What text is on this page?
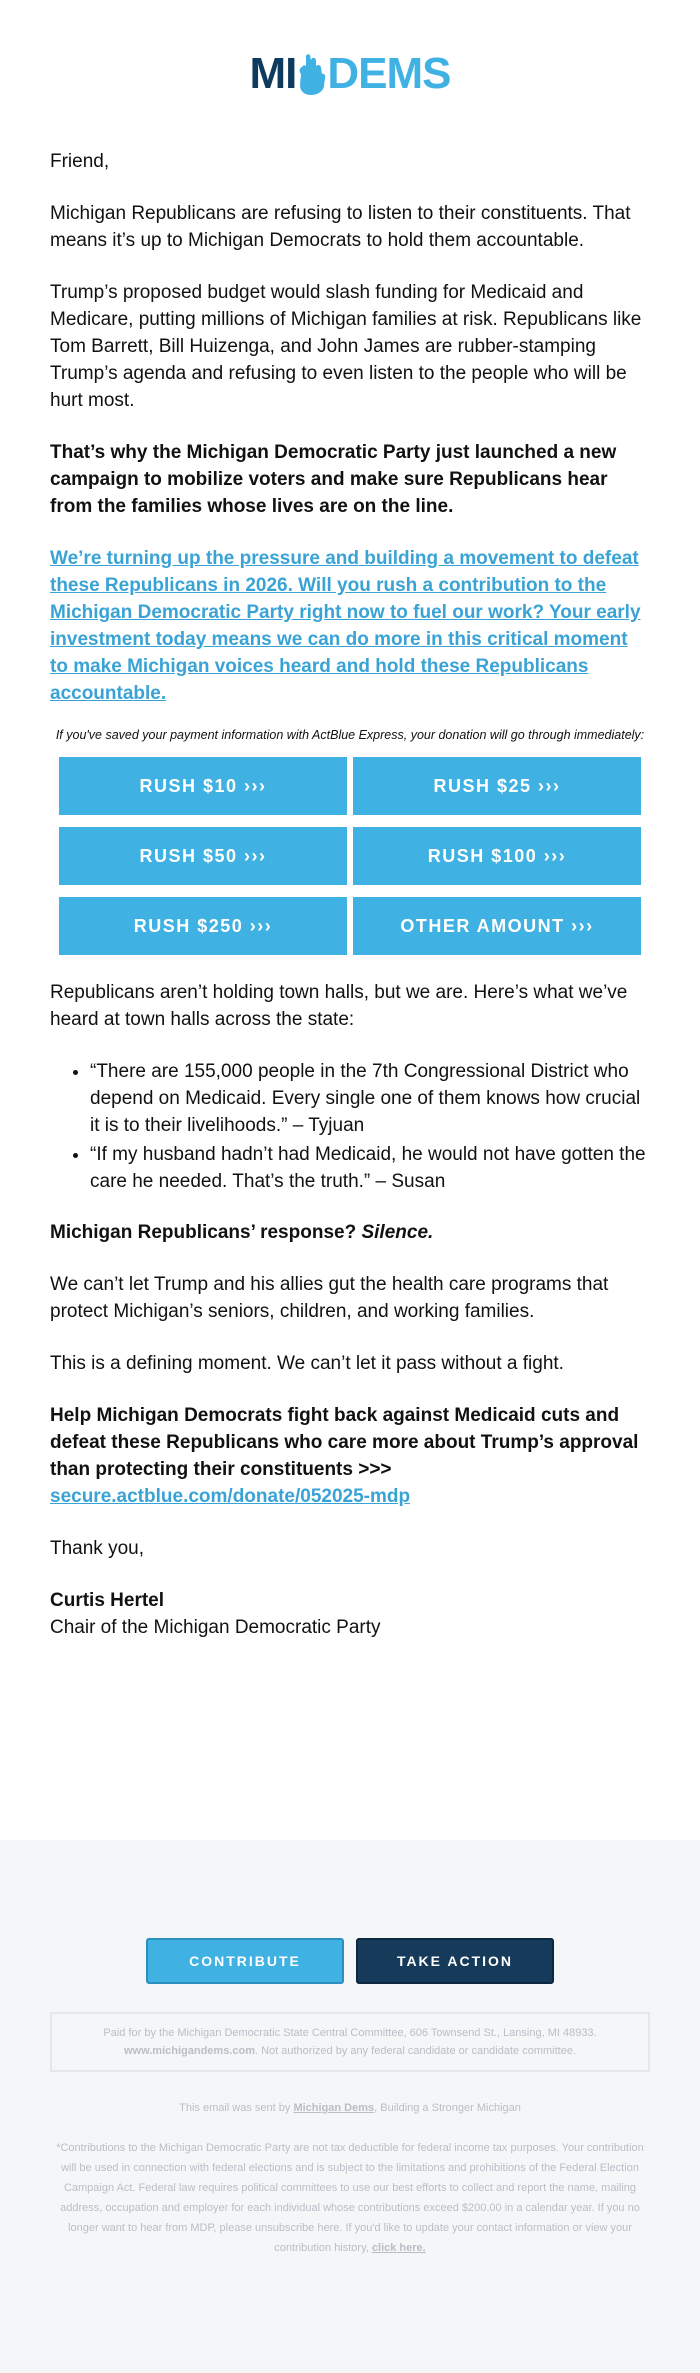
MI DEMS

Friend,

Michigan Republicans are refusing to listen to their constituents. That means it’s up to Michigan Democrats to hold them accountable.

Trump’s proposed budget would slash funding for Medicaid and Medicare, putting millions of Michigan families at risk. Republicans like Tom Barrett, Bill Huizenga, and John James are rubber-stamping Trump’s agenda and refusing to even listen to the people who will be hurt most.

That’s why the Michigan Democratic Party just launched a new campaign to mobilize voters and make sure Republicans hear from the families whose lives are on the line.

We’re turning up the pressure and building a movement to defeat these Republicans in 2026. Will you rush a contribution to the Michigan Democratic Party right now to fuel our work? Your early investment today means we can do more in this critical moment to make Michigan voices heard and hold these Republicans accountable.
If you've saved your payment information with ActBlue Express, your donation will go through immediately:
RUSH $10 ›››	RUSH $25 ›››
RUSH $50 ›››	RUSH $100 ›››
RUSH $250 ›››	OTHER AMOUNT ›››

Republicans aren’t holding town halls, but we are. Here’s what we’ve heard at town halls across the state:

• “There are 155,000 people in the 7th Congressional District who depend on Medicaid. Every single one of them knows how crucial it is to their livelihoods.” – Tyjuan
• “If my husband hadn’t had Medicaid, he would not have gotten the care he needed. That’s the truth.” – Susan

Michigan Republicans’ response? Silence.

We can’t let Trump and his allies gut the health care programs that protect Michigan’s seniors, children, and working families.

This is a defining moment. We can’t let it pass without a fight.

Help Michigan Democrats fight back against Medicaid cuts and defeat these Republicans who care more about Trump’s approval than protecting their constituents >>> secure.actblue.com/donate/052025-mdp

Thank you,

Curtis Hertel
Chair of the Michigan Democratic Party
CONTRIBUTE	TAKE ACTION
Paid for by the Michigan Democratic State Central Committee, 606 Townsend St., Lansing, MI 48933.
www.michigandems.com. Not authorized by any federal candidate or candidate committee.
This email was sent by Michigan Dems, Building a Stronger Michigan
*Contributions to the Michigan Democratic Party are not tax deductible for federal income tax purposes. Your contribution will be used in connection with federal elections and is subject to the limitations and prohibitions of the Federal Election Campaign Act. Federal law requires political committees to use our best efforts to collect and report the name, mailing address, occupation and employer for each individual whose contributions exceed $200.00 in a calendar year. If you no longer want to hear from MDP, please unsubscribe here. If you'd like to update your contact information or view your contribution history, click here.
